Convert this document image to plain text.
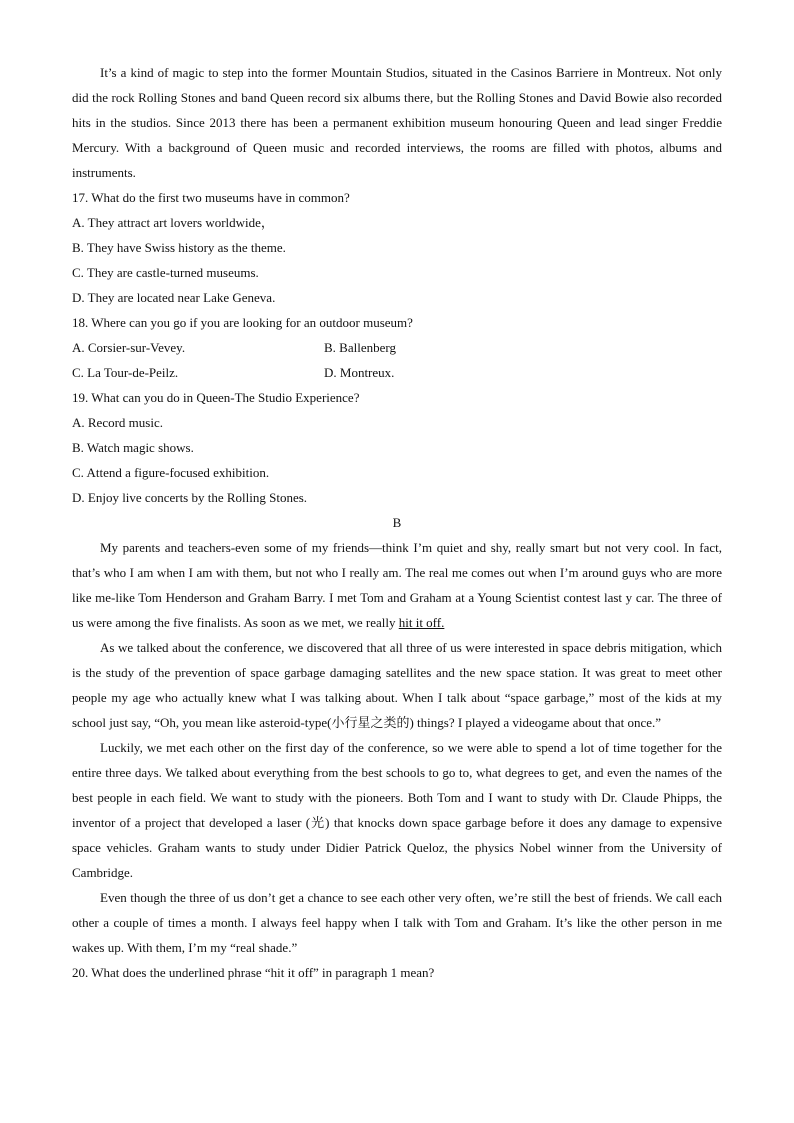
It’s a kind of magic to step into the former Mountain Studios, situated in the Casinos Barriere in Montreux. Not only did the rock Rolling Stones and band Queen record six albums there, but the Rolling Stones and David Bowie also recorded hits in the studios. Since 2013 there has been a permanent exhibition museum honouring Queen and lead singer Freddie Mercury. With a background of Queen music and recorded interviews, the rooms are filled with photos, albums and instruments.

17. What do the first two museums have in common?
A. They attract art lovers worldwide，
B. They have Swiss history as the theme.
C. They are castle-turned museums.
D. They are located near Lake Geneva.
18. Where can you go if you are looking for an outdoor museum?
A. Corsier-sur-Vevey.	B. Ballenberg
C. La Tour-de-Peilz.	D. Montreux.
19. What can you do in Queen-The Studio Experience?
A. Record music.
B. Watch magic shows.
C. Attend a figure-focused exhibition.
D. Enjoy live concerts by the Rolling Stones.
B

My parents and teachers-even some of my friends—think I’m quiet and shy, really smart but not very cool. In fact, that’s who I am when I am with them, but not who I really am. The real me comes out when I’m around guys who are more like me-like Tom Henderson and Graham Barry. I met Tom and Graham at a Young Scientist contest last y car. The three of us were among the five finalists. As soon as we met, we really hit it off.

As we talked about the conference, we discovered that all three of us were interested in space debris mitigation, which is the study of the prevention of space garbage damaging satellites and the new space station. It was great to meet other people my age who actually knew what I was talking about. When I talk about “space garbage,” most of the kids at my school just say, “Oh, you mean like asteroid-type(小行星之类的) things? I played a videogame about that once.”

Luckily, we met each other on the first day of the conference, so we were able to spend a lot of time together for the entire three days. We talked about everything from the best schools to go to, what degrees to get, and even the names of the best people in each field. We want to study with the pioneers. Both Tom and I want to study with Dr. Claude Phipps, the inventor of a project that developed a laser (光) that knocks down space garbage before it does any damage to expensive space vehicles. Graham wants to study under Didier Patrick Queloz, the physics Nobel winner from the University of Cambridge.

Even though the three of us don’t get a chance to see each other very often, we’re still the best of friends. We call each other a couple of times a month. I always feel happy when I talk with Tom and Graham. It’s like the other person in me wakes up. With them, I’m my “real shade.”

20. What does the underlined phrase “hit it off” in paragraph 1 mean?
